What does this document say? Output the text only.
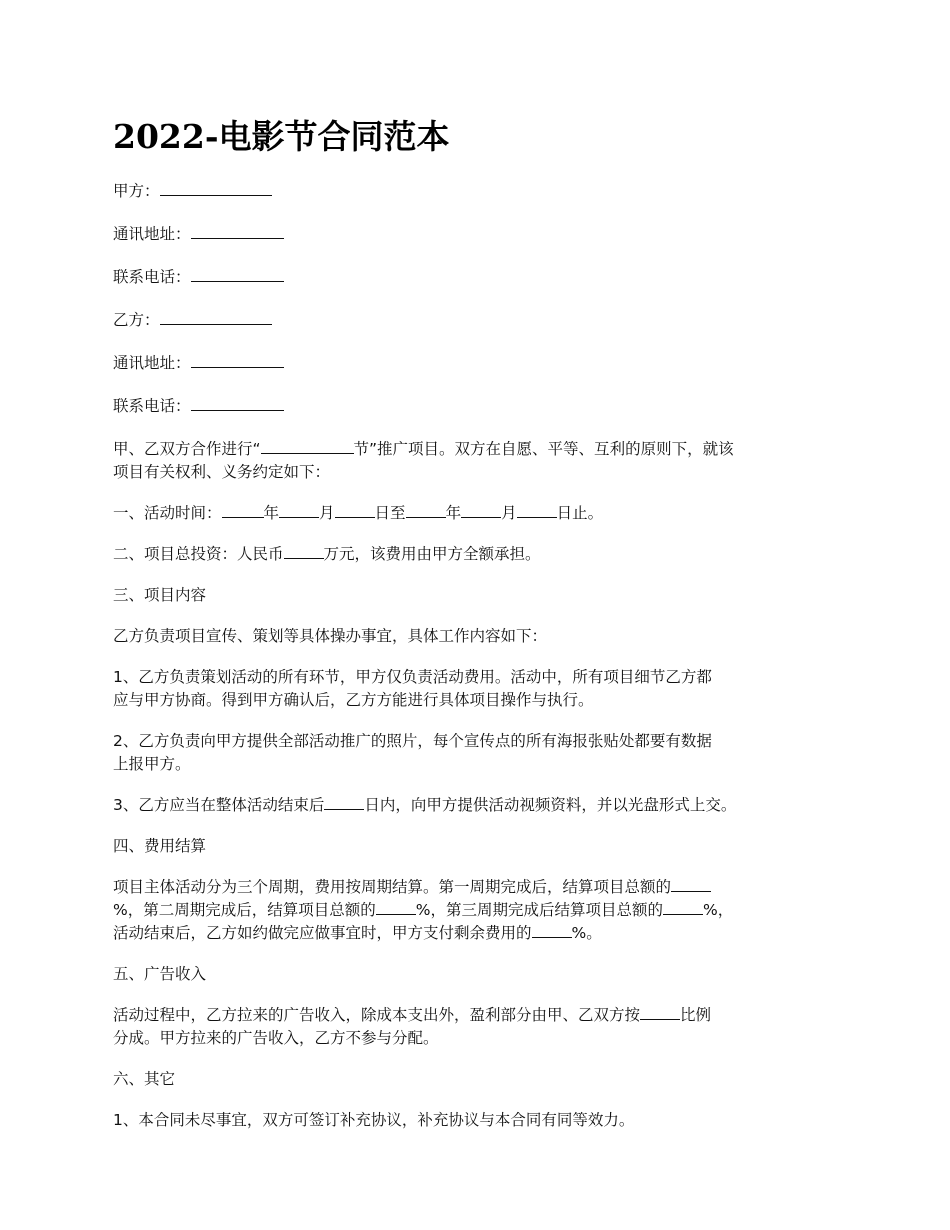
2022-电影节合同范本

甲方：

通讯地址：

联系电话：

乙方：

通讯地址：

联系电话：

甲、乙双方合作进行“	节”推广项目。双方在自愿、平等、互利的原则下，就该
项目有关权利、义务约定如下：

一、活动时间：	年	月	日至	年	月	日止。

二、项目总投资：人民币	万元，该费用由甲方全额承担。

三、项目内容

乙方负责项目宣传、策划等具体操办事宜，具体工作内容如下：

1、乙方负责策划活动的所有环节，甲方仅负责活动费用。活动中，所有项目细节乙方都
应与甲方协商。得到甲方确认后，乙方方能进行具体项目操作与执行。

2、乙方负责向甲方提供全部活动推广的照片，每个宣传点的所有海报张贴处都要有数据
上报甲方。

3、乙方应当在整体活动结束后	日内，向甲方提供活动视频资料，并以光盘形式上交。

四、费用结算

项目主体活动分为三个周期，费用按周期结算。第一周期完成后，结算项目总额的
%，第二周期完成后，结算项目总额的	%，第三周期完成后结算项目总额的	%，
活动结束后，乙方如约做完应做事宜时，甲方支付剩余费用的	%。

五、广告收入

活动过程中，乙方拉来的广告收入，除成本支出外，盈利部分由甲、乙双方按	比例
分成。甲方拉来的广告收入，乙方不参与分配。

六、其它

1、本合同未尽事宜，双方可签订补充协议，补充协议与本合同有同等效力。
